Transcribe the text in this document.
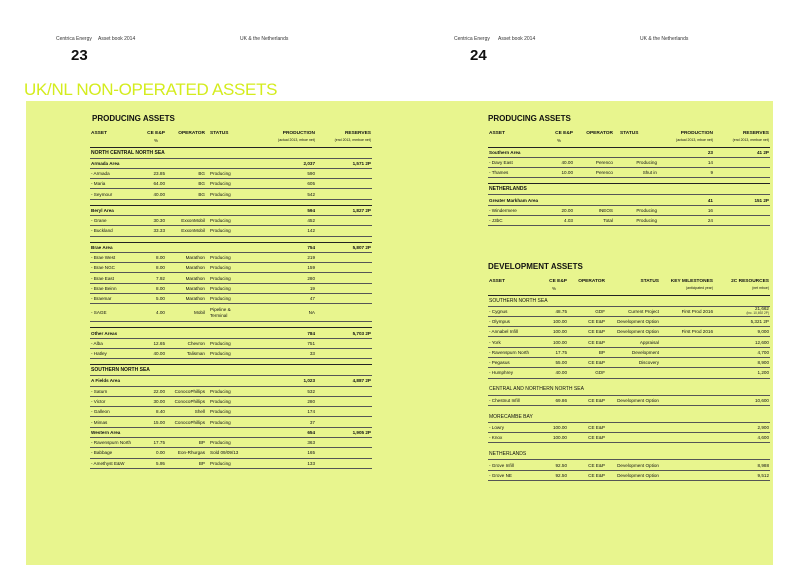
Centrica Energy Asset book 2014	UK & the Netherlands
23
UK/NL NON-OPERATED ASSETS
PRODUCING ASSETS
ASSET	CE E&P
%	OPERATOR	STATUS	PRODUCTION
(actual 2013, mboe net)	RESERVES
(end 2013, mmboe net)

NORTH CENTRAL NORTH SEA					
Armada Area				2,037	1,571 2P
- Armada	23.85	BG	Producing	590	
- Maria	64.00	BG	Producing	605	
- Seymour	40.00	BG	Producing	542	

Beryl Area				594	1,827 2P
- Grane	30.30	ExxonMobil	Producing	452	
- Buckland	33.33	ExxonMobil	Producing	142	

Brae Area				754	5,807 2P
- Brae West	8.00	Marathon	Producing	219	
- Brae NGC	8.00	Marathon	Producing	159	
- Brae East	7.92	Marathon	Producing	280	
- Brae Beinn	8.00	Marathon	Producing	19	
- Braemar	5.00	Marathon	Producing	47	
- SAGE	4.00	Mobil	Pipeline &
Terminal	NA	

Other Areas				784	5,703 2P
- Alba	12.65	Chevron	Producing	751	
- Hatley	40.00	Talisman	Producing	33	

SOUTHERN NORTH SEA					
A Fields Area				1,023	4,887 2P
- Saturn	22.00	ConocoPhillips	Producing	532	
- Victor	30.00	ConocoPhillips	Producing	280	
- Galleon	8.40	Shell	Producing	174	
- Mimas	15.00	ConocoPhillips	Producing	37	
Western Area				654	1,905 2P
- Ravenspurn North	17.75	BP	Producing	363	
- Babbage	0.00	Eon-Rhurgas	Sold 09/09/13	165	
- Amethyst E&W	5.95	BP	Producing	133	
Centrica Energy Asset book 2014	UK & the Netherlands
24
PRODUCING ASSETS
ASSET	CE E&P
%	OPERATOR	STATUS	PRODUCTION
(actual 2013, mboe net)	RESERVES
(end 2013, mmboe net)

Southern Area				23	41 2P
- Davy East	40.00	Perenco	Producing	14	
- Thames	10.00	Perenco	Shut in	9	

NETHERLANDS					
Greater Markham Area				41	151 2P
- Windermere	20.00	INEOS	Producing	16	
- J3bC	4.03	Total	Producing	24	
DEVELOPMENT ASSETS
ASSET	CE E&P
%	OPERATOR	STATUS	KEY MILESTONES
(anticipated year)	2C RESOURCES
(net mboe)

SOUTHERN NORTH SEA					
- Cygnus	48.75	GDF	Current Project	First Prod 2016	21,662
(inc. 10,692 2P)

- Olympus	100.00	CE E&P	Development Option		5,321 2P
- Annabel Infill	100.00	CE E&P	Development Option	First Prod 2016	9,000
- York	100.00	CE E&P	Appraisal		12,600
- Ravenspurn North	17.75	BP	Development		4,700
- Pegasus	55.00	CE E&P	Discovery		8,900
- Humphrey	40.00	GDF			1,200

CENTRAL AND NORTHERN NORTH SEA					
- Chestnut Infill	69.86	CE E&P	Development Option		10,600

MORECAMBE BAY					
- Lowry	100.00	CE E&P			2,900
- Knox	100.00	CE E&P			4,600

NETHERLANDS					
- Grove Infill	92.50	CE E&P	Development Option		8,988
- Grove NE	92.50	CE E&P	Development Option		9,512
